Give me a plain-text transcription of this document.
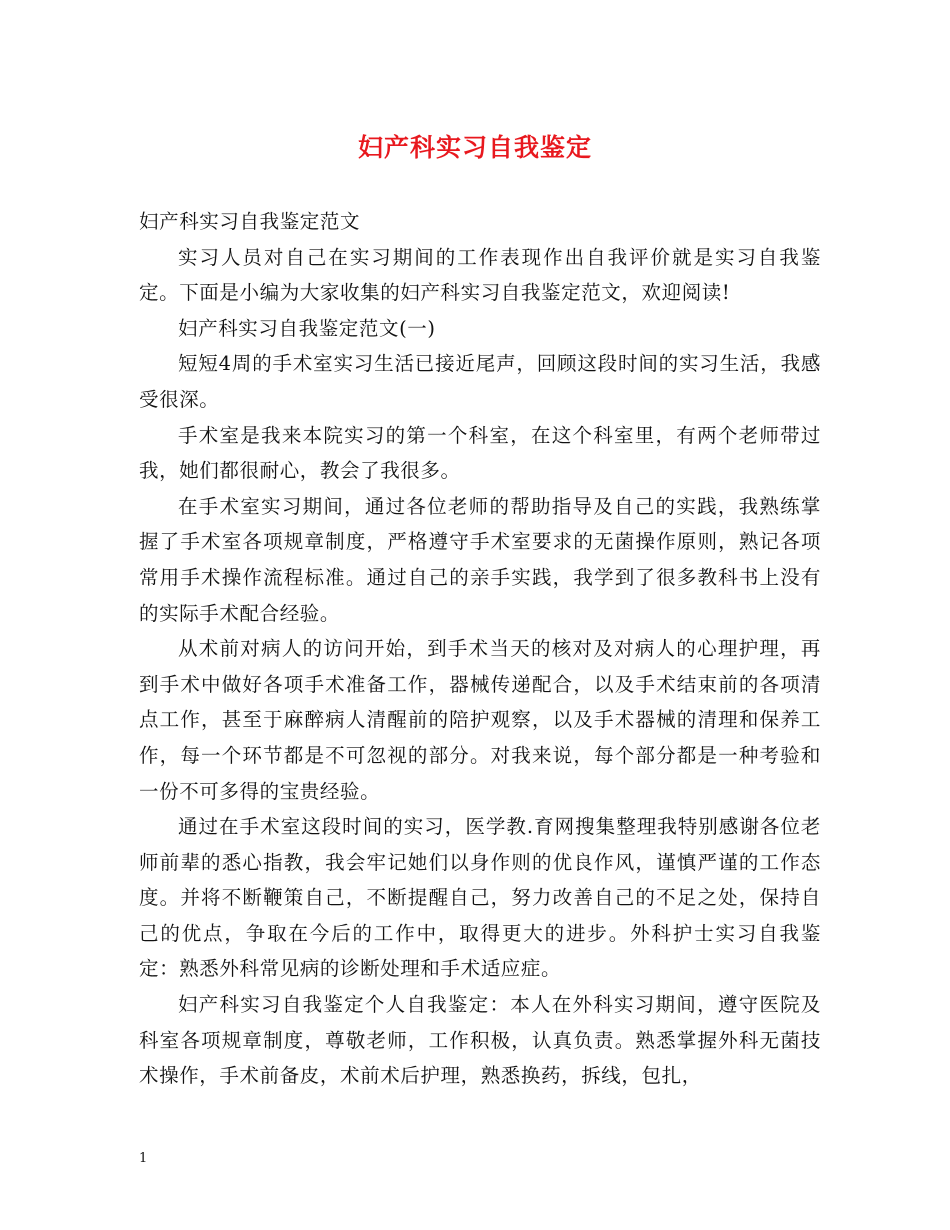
妇产科实习自我鉴定

妇产科实习自我鉴定范文

实习人员对自己在实习期间的工作表现作出自我评价就是实习自我鉴定。下面是小编为大家收集的妇产科实习自我鉴定范文，欢迎阅读!

妇产科实习自我鉴定范文(一)

短短4周的手术室实习生活已接近尾声，回顾这段时间的实习生活，我感受很深。

手术室是我来本院实习的第一个科室，在这个科室里，有两个老师带过我，她们都很耐心，教会了我很多。

在手术室实习期间，通过各位老师的帮助指导及自己的实践，我熟练掌握了手术室各项规章制度，严格遵守手术室要求的无菌操作原则，熟记各项常用手术操作流程标准。通过自己的亲手实践，我学到了很多教科书上没有的实际手术配合经验。

从术前对病人的访问开始，到手术当天的核对及对病人的心理护理，再到手术中做好各项手术准备工作，器械传递配合，以及手术结束前的各项清点工作，甚至于麻醉病人清醒前的陪护观察，以及手术器械的清理和保养工作，每一个环节都是不可忽视的部分。对我来说，每个部分都是一种考验和一份不可多得的宝贵经验。

通过在手术室这段时间的实习，医学教.育网搜集整理我特别感谢各位老师前辈的悉心指教，我会牢记她们以身作则的优良作风，谨慎严谨的工作态度。并将不断鞭策自己，不断提醒自己，努力改善自己的不足之处，保持自己的优点，争取在今后的工作中，取得更大的进步。外科护士实习自我鉴定：熟悉外科常见病的诊断处理和手术适应症。

妇产科实习自我鉴定个人自我鉴定：本人在外科实习期间，遵守医院及科室各项规章制度，尊敬老师，工作积极，认真负责。熟悉掌握外科无菌技术操作，手术前备皮，术前术后护理，熟悉换药，拆线，包扎，

1
